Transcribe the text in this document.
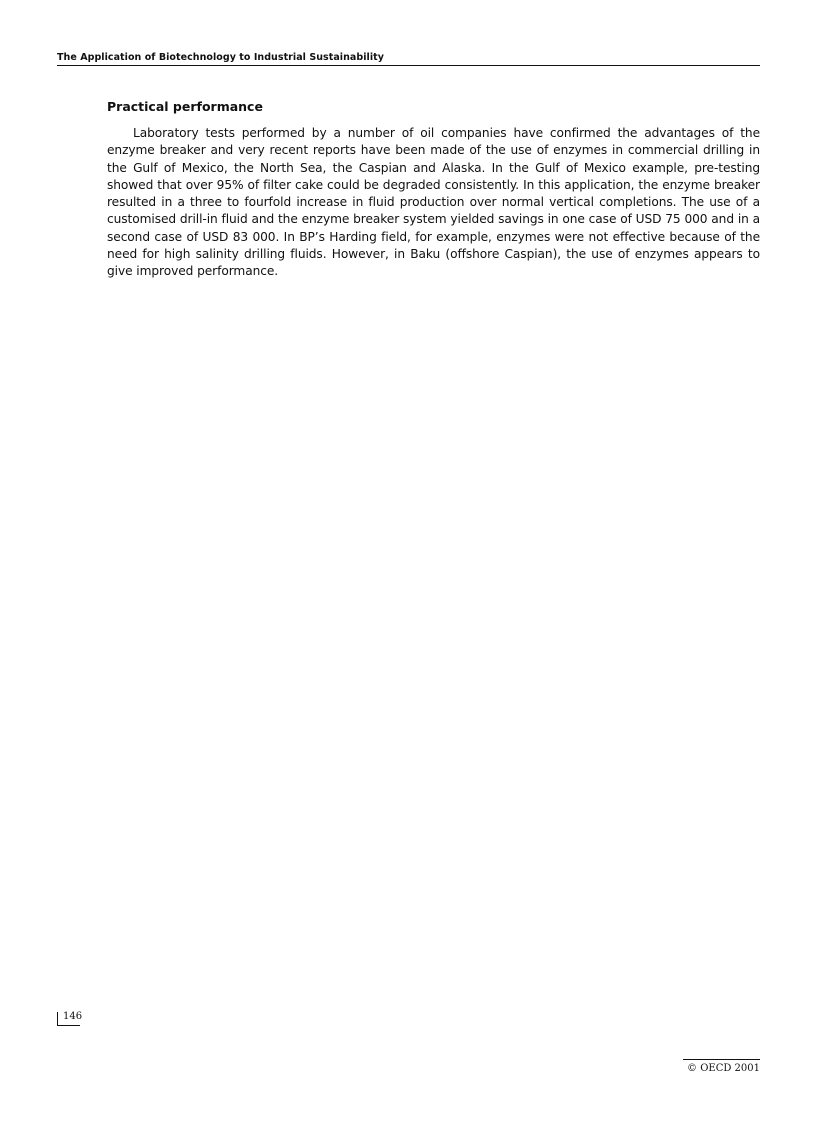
The Application of Biotechnology to Industrial Sustainability
Practical performance

Laboratory tests performed by a number of oil companies have confirmed the advantages of the enzyme breaker and very recent reports have been made of the use of enzymes in commercial drilling in the Gulf of Mexico, the North Sea, the Caspian and Alaska. In the Gulf of Mexico example, pre-testing showed that over 95% of filter cake could be degraded consistently. In this application, the enzyme breaker resulted in a three to fourfold increase in fluid production over normal vertical completions. The use of a customised drill-in fluid and the enzyme breaker system yielded savings in one case of USD 75 000 and in a second case of USD 83 000. In BP’s Harding field, for example, enzymes were not effective because of the need for high salinity drilling fluids. However, in Baku (offshore Caspian), the use of enzymes appears to give improved performance.

146
© OECD 2001
